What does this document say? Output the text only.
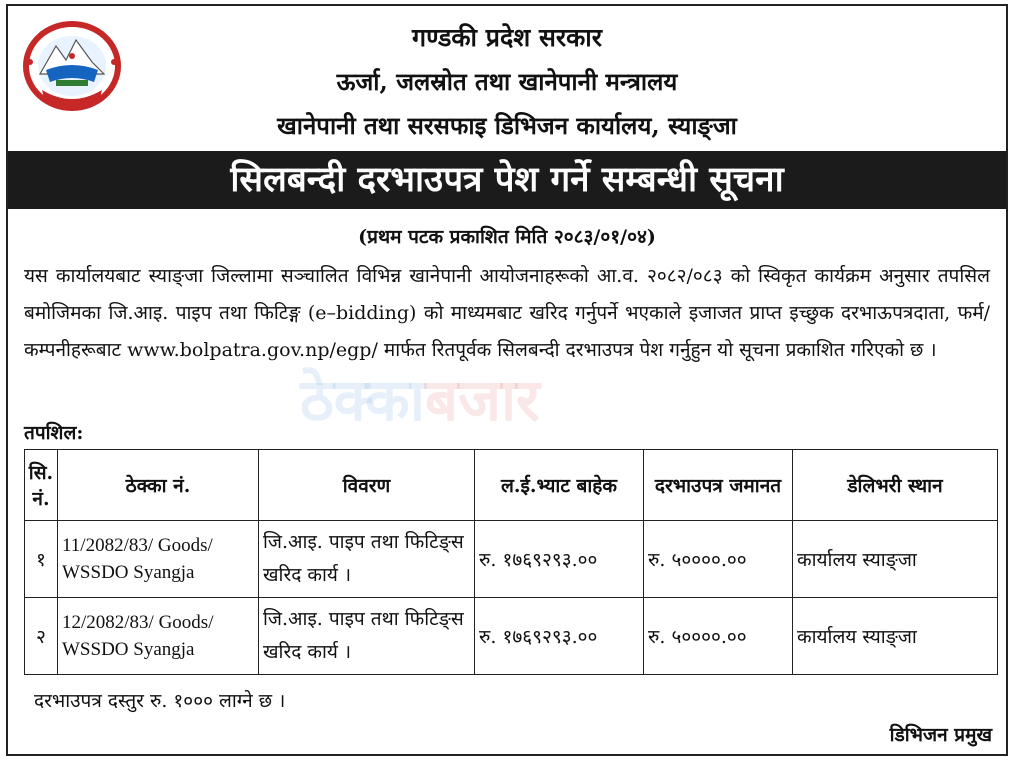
गण्डकी प्रदेश सरकार
ऊर्जा, जलस्रोत तथा खानेपानी मन्त्रालय
खानेपानी तथा सरसफाइ डिभिजन कार्यालय, स्याङ्जा
सिलबन्दी दरभाउपत्र पेश गर्ने सम्बन्धी सूचना
(प्रथम पटक प्रकाशित मिति २०८३/०१/०४)
ठेक्काबजार
यस कार्यालयबाट स्याङ्जा जिल्लामा सञ्चालित विभिन्न खानेपानी आयोजनाहरूको आ.व. २०८२/०८३ को स्विकृत कार्यक्रम अनुसार तपसिल बमोजिमका जि.आइ. पाइप तथा फिटिङ्ग (e–bidding) को माध्यमबाट खरिद गर्नुपर्ने भएकाले इजाजत प्राप्त इच्छुक दरभाऊपत्रदाता, फर्म/कम्पनीहरूबाट www.bolpatra.gov.np/egp/ मार्फत रितपूर्वक सिलबन्दी दरभाउपत्र पेश गर्नुहुन यो सूचना प्रकाशित गरिएको छ ।
तपशिल:
सि. नं.	ठेक्का नं.	विवरण	ल.ई.भ्याट बाहेक	दरभाउपत्र जमानत	डेलिभरी स्थान
१	11/2082/83/ Goods/ WSSDO Syangja	जि.आइ. पाइप तथा फिटिङ्स खरिद कार्य ।	रु. १७६९२९३.००	रु. ५००००.००	कार्यालय स्याङ्जा
२	12/2082/83/ Goods/ WSSDO Syangja	जि.आइ. पाइप तथा फिटिङ्स खरिद कार्य ।	रु. १७६९२९३.००	रु. ५००००.००	कार्यालय स्याङ्जा
दरभाउपत्र दस्तुर रु. १००० लाग्ने छ ।
डिभिजन प्रमुख
